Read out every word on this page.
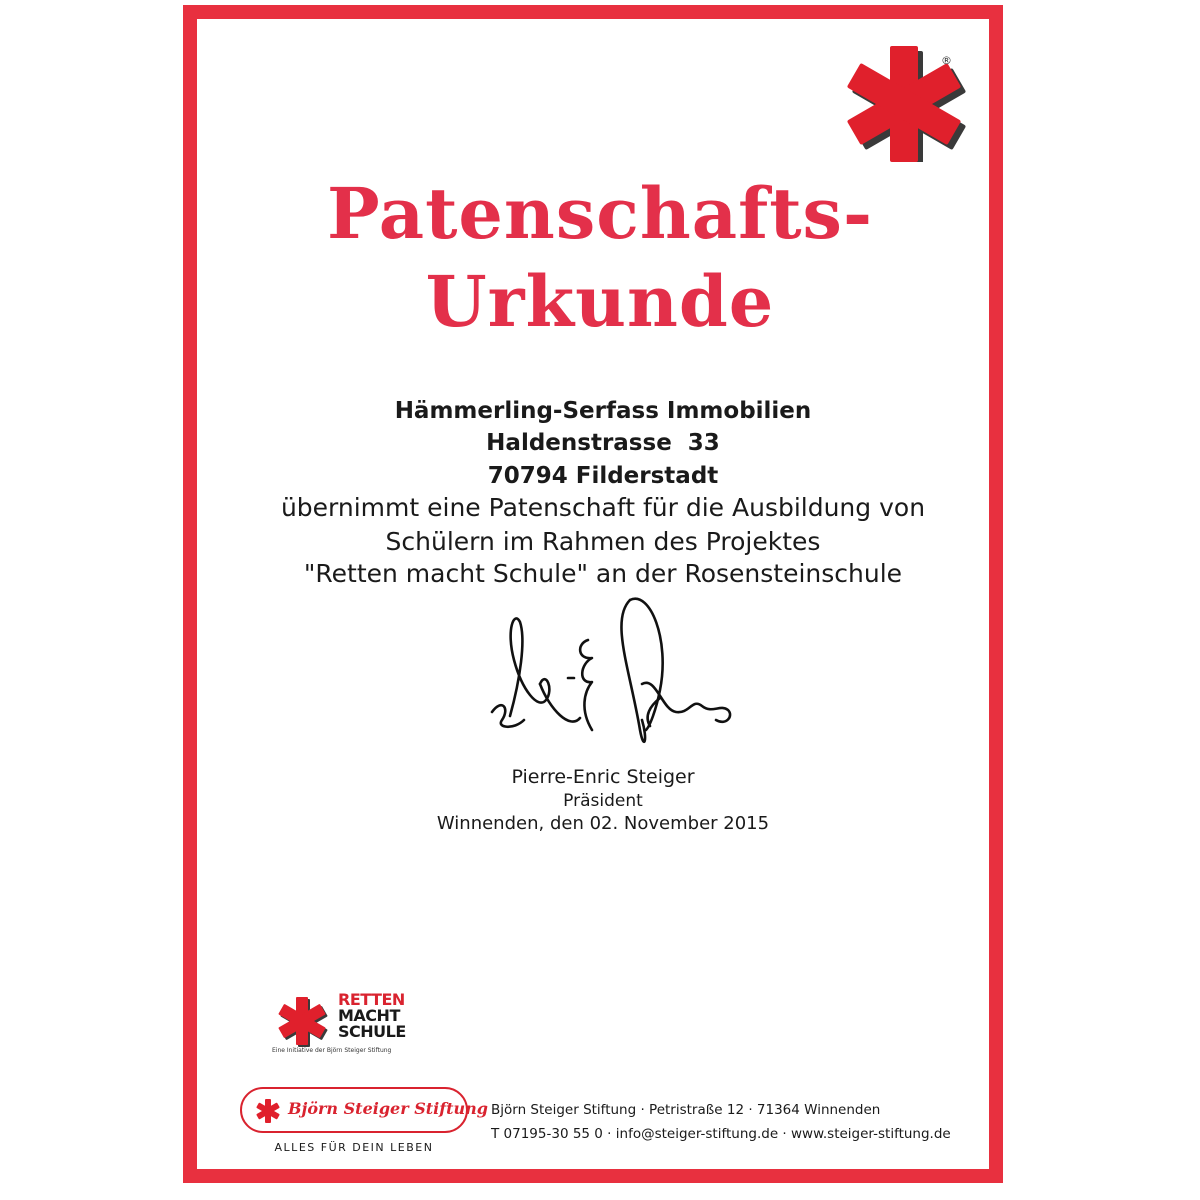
®
Patenschafts-
Urkunde
Hämmerling-Serfass Immobilien
Haldenstrasse  33
70794 Filderstadt
übernimmt eine Patenschaft für die Ausbildung von
Schülern im Rahmen des Projektes
"Retten macht Schule" an der Rosensteinschule
Pierre-Enric Steiger
Präsident
Winnenden, den 02. November 2015
RETTEN
MACHT
SCHULE
Eine Initiative der Björn Steiger Stiftung
Björn Steiger Stiftung
ALLES FÜR DEIN LEBEN
Björn Steiger Stiftung · Petristraße 12 · 71364 Winnenden
T 07195-30 55 0 · info@steiger-stiftung.de · www.steiger-stiftung.de
